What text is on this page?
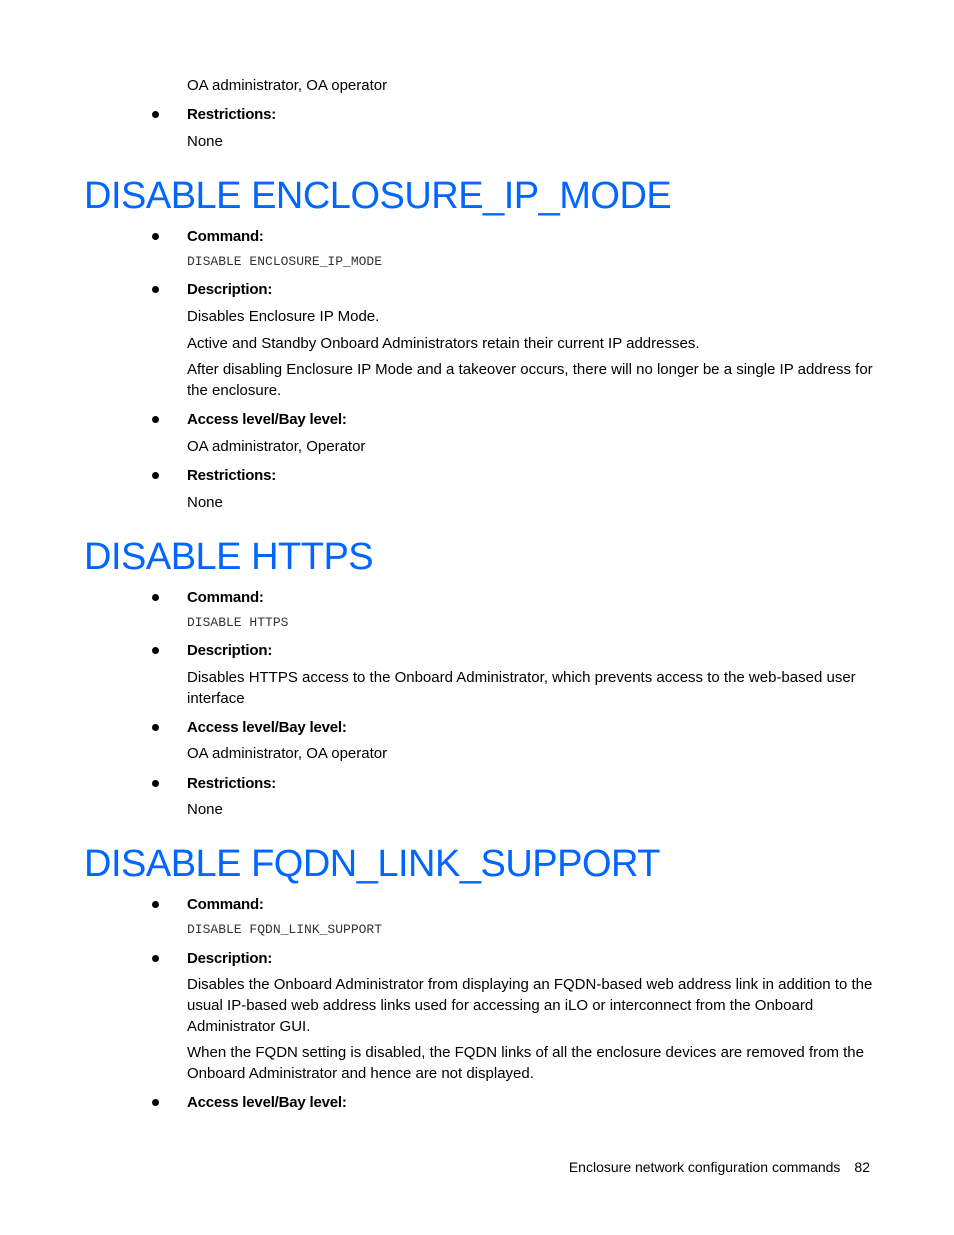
OA administrator, OA operator

Restrictions:

None

DISABLE ENCLOSURE_IP_MODE
Command:
DISABLE ENCLOSURE_IP_MODE
Description:

Disables Enclosure IP Mode.

Active and Standby Onboard Administrators retain their current IP addresses.

After disabling Enclosure IP Mode and a takeover occurs, there will no longer be a single IP address for the enclosure.

Access level/Bay level:

OA administrator, Operator

Restrictions:

None

DISABLE HTTPS
Command:
DISABLE HTTPS
Description:

Disables HTTPS access to the Onboard Administrator, which prevents access to the web-based user interface

Access level/Bay level:

OA administrator, OA operator

Restrictions:

None

DISABLE FQDN_LINK_SUPPORT
Command:
DISABLE FQDN_LINK_SUPPORT
Description:

Disables the Onboard Administrator from displaying an FQDN-based web address link in addition to the usual IP-based web address links used for accessing an iLO or interconnect from the Onboard Administrator GUI.

When the FQDN setting is disabled, the FQDN links of all the enclosure devices are removed from the Onboard Administrator and hence are not displayed.

Access level/Bay level:
Enclosure network configuration commands 82
